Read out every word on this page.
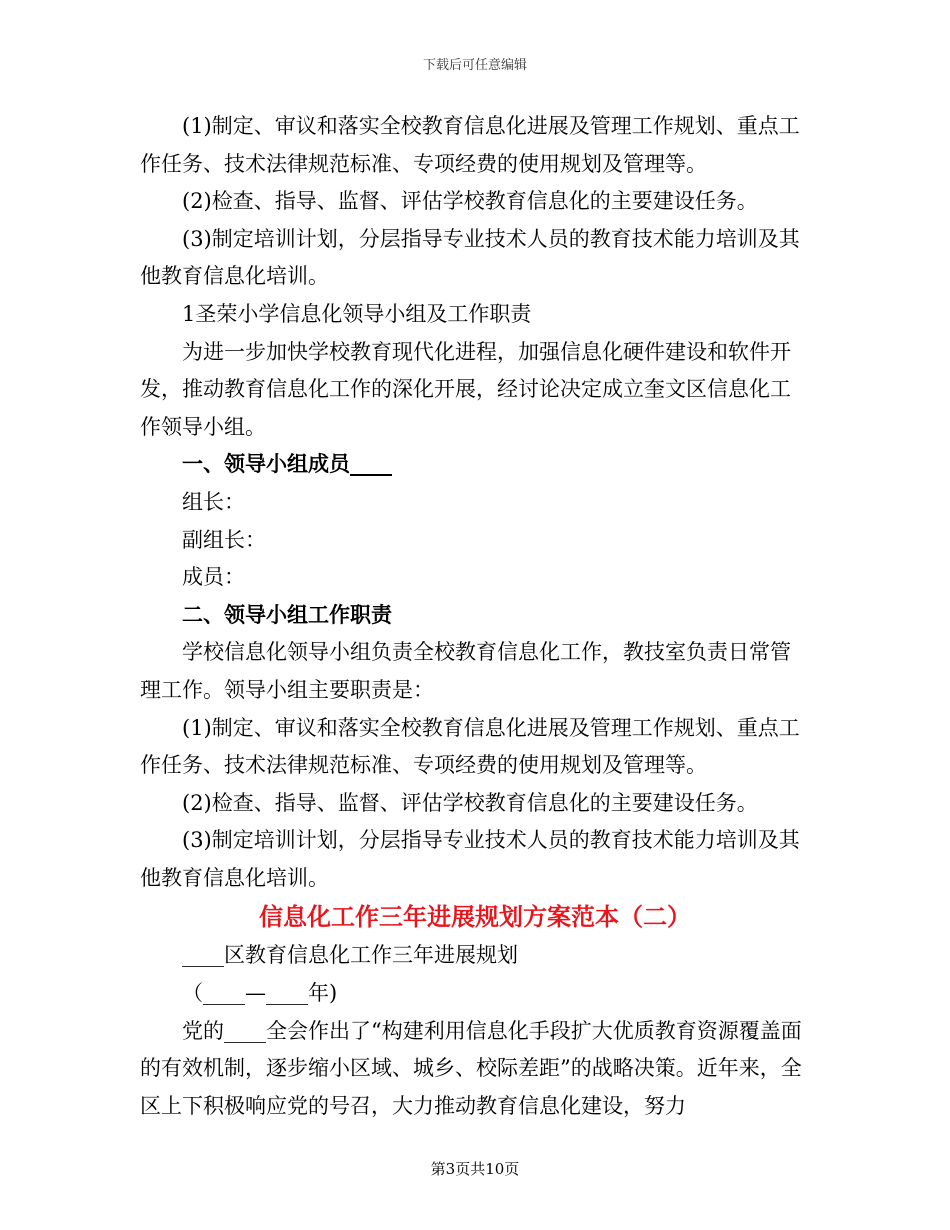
下载后可任意编辑

(1)制定、审议和落实全校教育信息化进展及管理工作规划、重点工作任务、技术法律规范标准、专项经费的使用规划及管理等。

(2)检查、指导、监督、评估学校教育信息化的主要建设任务。

(3)制定培训计划，分层指导专业技术人员的教育技术能力培训及其他教育信息化培训。

1圣荣小学信息化领导小组及工作职责

为进一步加快学校教育现代化进程，加强信息化硬件建设和软件开发，推动教育信息化工作的深化开展，经讨论决定成立奎文区信息化工作领导小组。

一、领导小组成员____

组长：

副组长：

成员：

二、领导小组工作职责

学校信息化领导小组负责全校教育信息化工作，教技室负责日常管理工作。领导小组主要职责是：

(1)制定、审议和落实全校教育信息化进展及管理工作规划、重点工作任务、技术法律规范标准、专项经费的使用规划及管理等。

(2)检查、指导、监督、评估学校教育信息化的主要建设任务。

(3)制定培训计划，分层指导专业技术人员的教育技术能力培训及其他教育信息化培训。

信息化工作三年进展规划方案范本（二）

____区教育信息化工作三年进展规划

（____—____年)

党的____全会作出了“构建利用信息化手段扩大优质教育资源覆盖面的有效机制，逐步缩小区域、城乡、校际差距”的战略决策。近年来，全区上下积极响应党的号召，大力推动教育信息化建设，努力

第3页共10页
